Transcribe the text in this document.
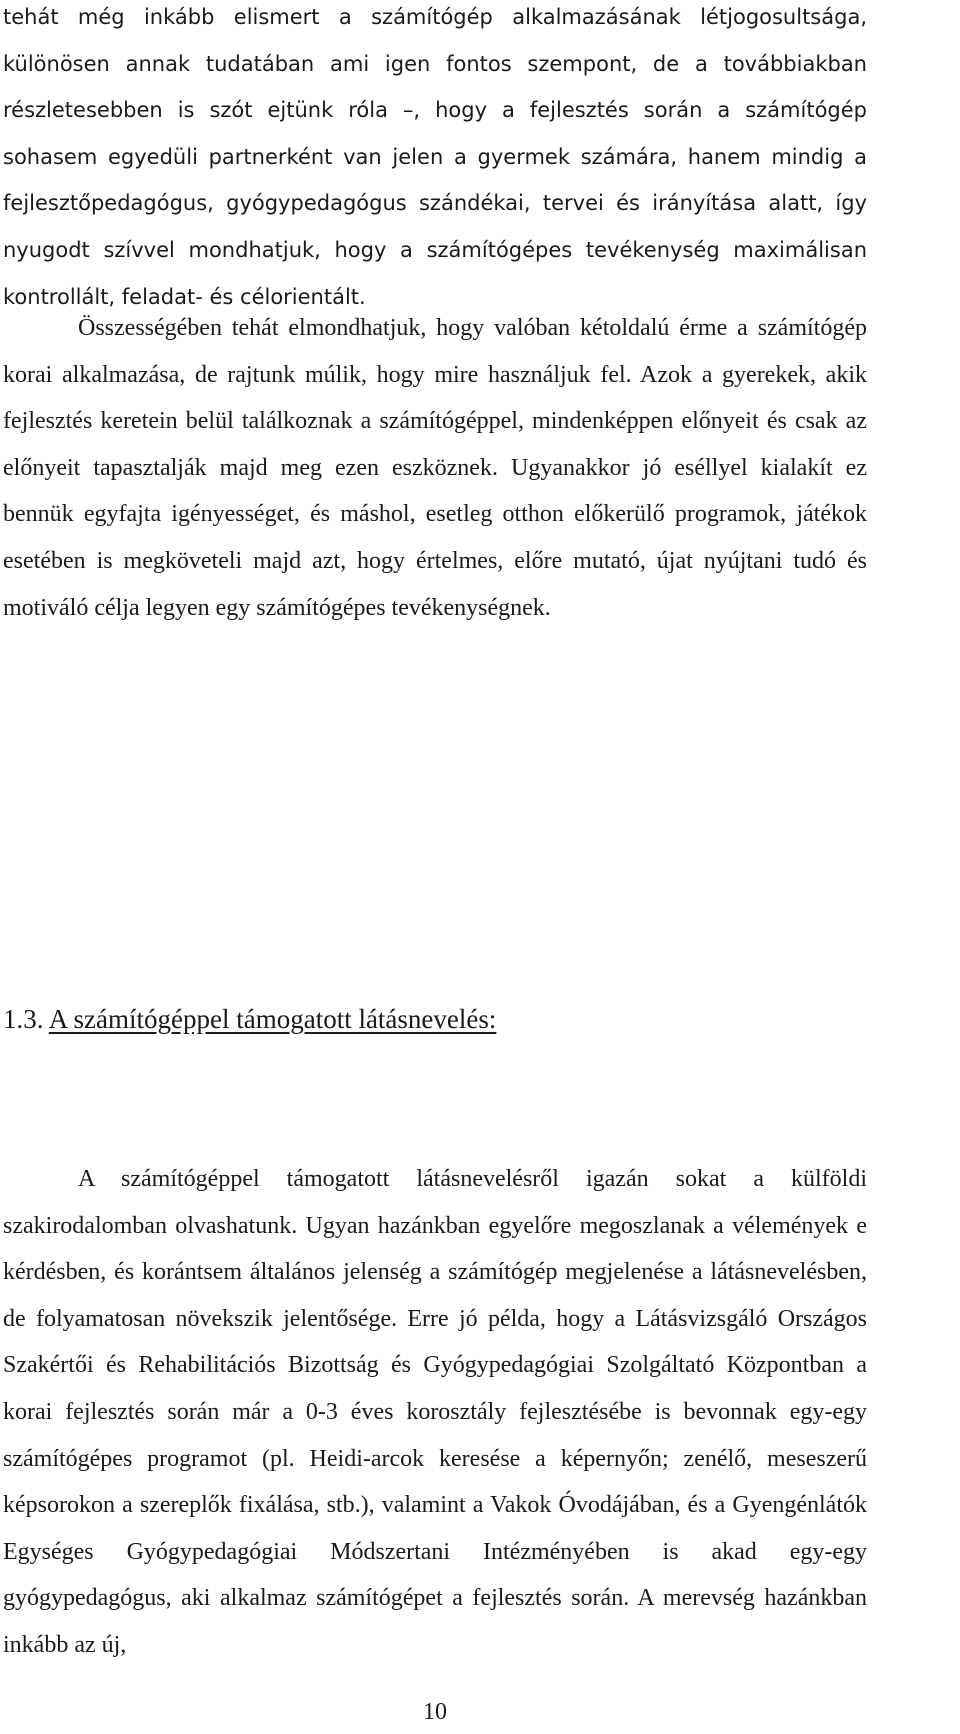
tehát még inkább elismert a számítógép alkalmazásának létjogosultsága, különösen annak tudatában ami igen fontos szempont, de a továbbiakban részletesebben is szót ejtünk róla –, hogy a fejlesztés során a számítógép sohasem egyedüli partnerként van jelen a gyermek számára, hanem mindig a fejlesztőpedagógus, gyógypedagógus szándékai, tervei és irányítása alatt, így nyugodt szívvel mondhatjuk, hogy a számítógépes tevékenység maximálisan kontrollált, feladat- és célorientált.

Összességében tehát elmondhatjuk, hogy valóban kétoldalú érme a számítógép korai alkalmazása, de rajtunk múlik, hogy mire használjuk fel. Azok a gyerekek, akik fejlesztés keretein belül találkoznak a számítógéppel, mindenképpen előnyeit és csak az előnyeit tapasztalják majd meg ezen eszköznek. Ugyanakkor jó eséllyel kialakít ez bennük egyfajta igényességet, és máshol, esetleg otthon előkerülő programok, játékok esetében is megköveteli majd azt, hogy értelmes, előre mutató, újat nyújtani tudó és motiváló célja legyen egy számítógépes tevékenységnek.

1.3. A számítógéppel támogatott látásnevelés:

A számítógéppel támogatott látásnevelésről igazán sokat a külföldi szakirodalomban olvashatunk. Ugyan hazánkban egyelőre megoszlanak a vélemények e kérdésben, és korántsem általános jelenség a számítógép megjelenése a látásnevelésben, de folyamatosan növekszik jelentősége. Erre jó példa, hogy a Látásvizsgáló Országos Szakértői és Rehabilitációs Bizottság és Gyógypedagógiai Szolgáltató Központban a korai fejlesztés során már a 0-3 éves korosztály fejlesztésébe is bevonnak egy-egy számítógépes programot (pl. Heidi-arcok keresése a képernyőn; zenélő, meseszerű képsorokon a szereplők fixálása, stb.), valamint a Vakok Óvodájában, és a Gyengénlátók Egységes Gyógypedagógiai Módszertani Intézményében is akad egy-egy gyógypedagógus, aki alkalmaz számítógépet a fejlesztés során. A merevség hazánkban inkább az új,

10
